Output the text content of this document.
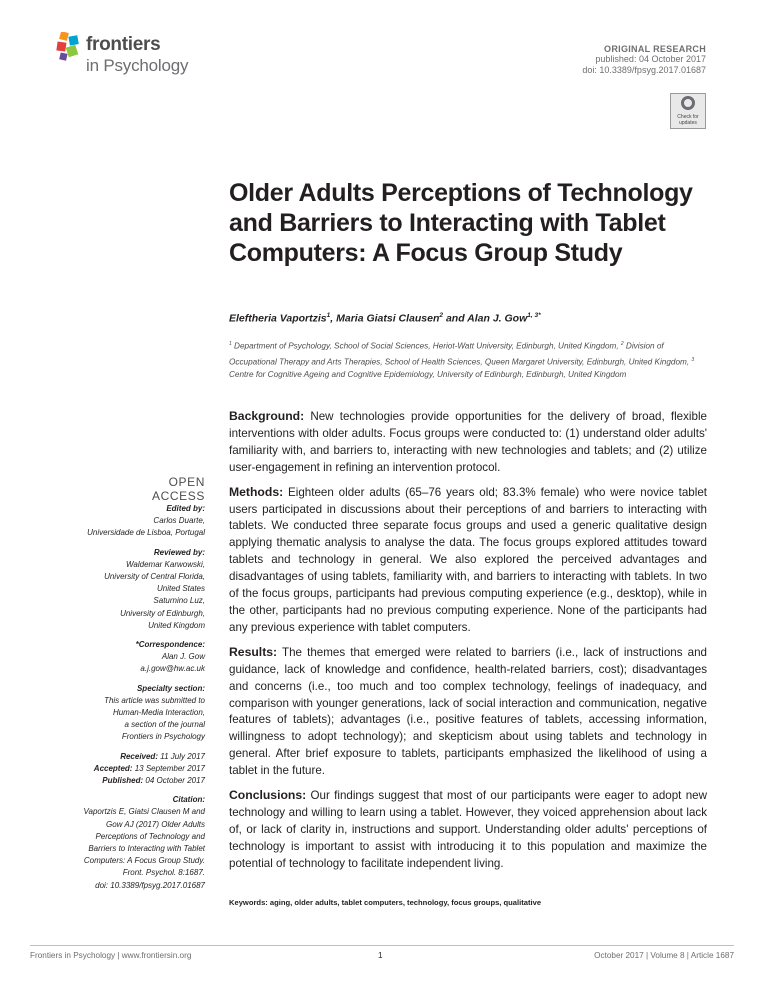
frontiers
in Psychology
ORIGINAL RESEARCH
published: 04 October 2017
doi: 10.3389/fpsyg.2017.01687
Check for updates
Older Adults Perceptions of Technology and Barriers to Interacting with Tablet Computers: A Focus Group Study
Eleftheria Vaportzis$^1$, Maria Giatsi Clausen$^2$ and Alan J. Gow$^{1, 3*}$
$^1$ Department of Psychology, School of Social Sciences, Heriot-Watt University, Edinburgh, United Kingdom, $^2$ Division of Occupational Therapy and Arts Therapies, School of Health Sciences, Queen Margaret University, Edinburgh, United Kingdom, $^3$ Centre for Cognitive Ageing and Cognitive Epidemiology, University of Edinburgh, Edinburgh, United Kingdom
OPEN ACCESS
Edited by:
Carlos Duarte,
Universidade de Lisboa, Portugal
Reviewed by:
Waldemar Karwowski,
University of Central Florida,
United States
Saturnino Luz,
University of Edinburgh,
United Kingdom
*Correspondence:
Alan J. Gow
a.j.gow@hw.ac.uk
Specialty section:
This article was submitted to
Human-Media Interaction,
a section of the journal
Frontiers in Psychology
Received: 11 July 2017
Accepted: 13 September 2017
Published: 04 October 2017
Citation:
Vaportzis E, Giatsi Clausen M and
Gow AJ (2017) Older Adults
Perceptions of Technology and
Barriers to Interacting with Tablet
Computers: A Focus Group Study.
Front. Psychol. 8:1687.
doi: 10.3389/fpsyg.2017.01687

Background: New technologies provide opportunities for the delivery of broad, flexible interventions with older adults. Focus groups were conducted to: (1) understand older adults' familiarity with, and barriers to, interacting with new technologies and tablets; and (2) utilize user-engagement in refining an intervention protocol.

Methods: Eighteen older adults (65–76 years old; 83.3% female) who were novice tablet users participated in discussions about their perceptions of and barriers to interacting with tablets. We conducted three separate focus groups and used a generic qualitative design applying thematic analysis to analyse the data. The focus groups explored attitudes toward tablets and technology in general. We also explored the perceived advantages and disadvantages of using tablets, familiarity with, and barriers to interacting with tablets. In two of the focus groups, participants had previous computing experience (e.g., desktop), while in the other, participants had no previous computing experience. None of the participants had any previous experience with tablet computers.

Results: The themes that emerged were related to barriers (i.e., lack of instructions and guidance, lack of knowledge and confidence, health-related barriers, cost); disadvantages and concerns (i.e., too much and too complex technology, feelings of inadequacy, and comparison with younger generations, lack of social interaction and communication, negative features of tablets); advantages (i.e., positive features of tablets, accessing information, willingness to adopt technology); and skepticism about using tablets and technology in general. After brief exposure to tablets, participants emphasized the likelihood of using a tablet in the future.

Conclusions: Our findings suggest that most of our participants were eager to adopt new technology and willing to learn using a tablet. However, they voiced apprehension about lack of, or lack of clarity in, instructions and support. Understanding older adults' perceptions of technology is important to assist with introducing it to this population and maximize the potential of technology to facilitate independent living.

Keywords: aging, older adults, tablet computers, technology, focus groups, qualitative
Frontiers in Psychology | www.frontiersin.org	1	October 2017 | Volume 8 | Article 1687
